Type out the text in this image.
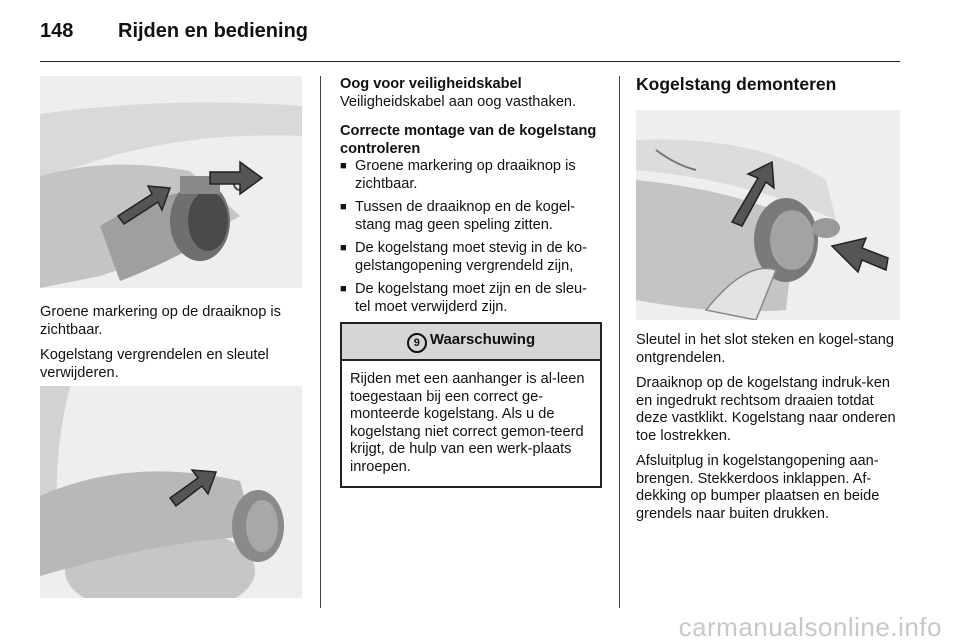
148	Rijden en bediening

Groene markering op de draaiknop is zichtbaar.

Kogelstang vergrendelen en sleutel verwijderen.

Oog voor veiligheidskabel

Veiligheidskabel aan oog vasthaken.

Correcte montage van de kogelstang controleren
■ Groene markering op draaiknop is zichtbaar.
■ Tussen de draaiknop en de kogel-stang mag geen speling zitten.
■ De kogelstang moet stevig in de ko-gelstangopening vergrendeld zijn,
■ De kogelstang moet zijn en de sleu-tel moet verwijderd zijn.
9 Waarschuwing
Rijden met een aanhanger is al-leen toegestaan bij een correct ge-monteerde kogelstang. Als u de kogelstang niet correct gemon-teerd krijgt, de hulp van een werk-plaats inroepen.
Kogelstang demonteren

Sleutel in het slot steken en kogel-stang ontgrendelen.

Draaiknop op de kogelstang indruk-ken en ingedrukt rechtsom draaien totdat deze vastklikt. Kogelstang naar onderen toe lostrekken.

Afsluitplug in kogelstangopening aan-brengen. Stekkerdoos inklappen. Af-dekking op bumper plaatsen en beide grendels naar buiten drukken.

carmanualsonline.info
